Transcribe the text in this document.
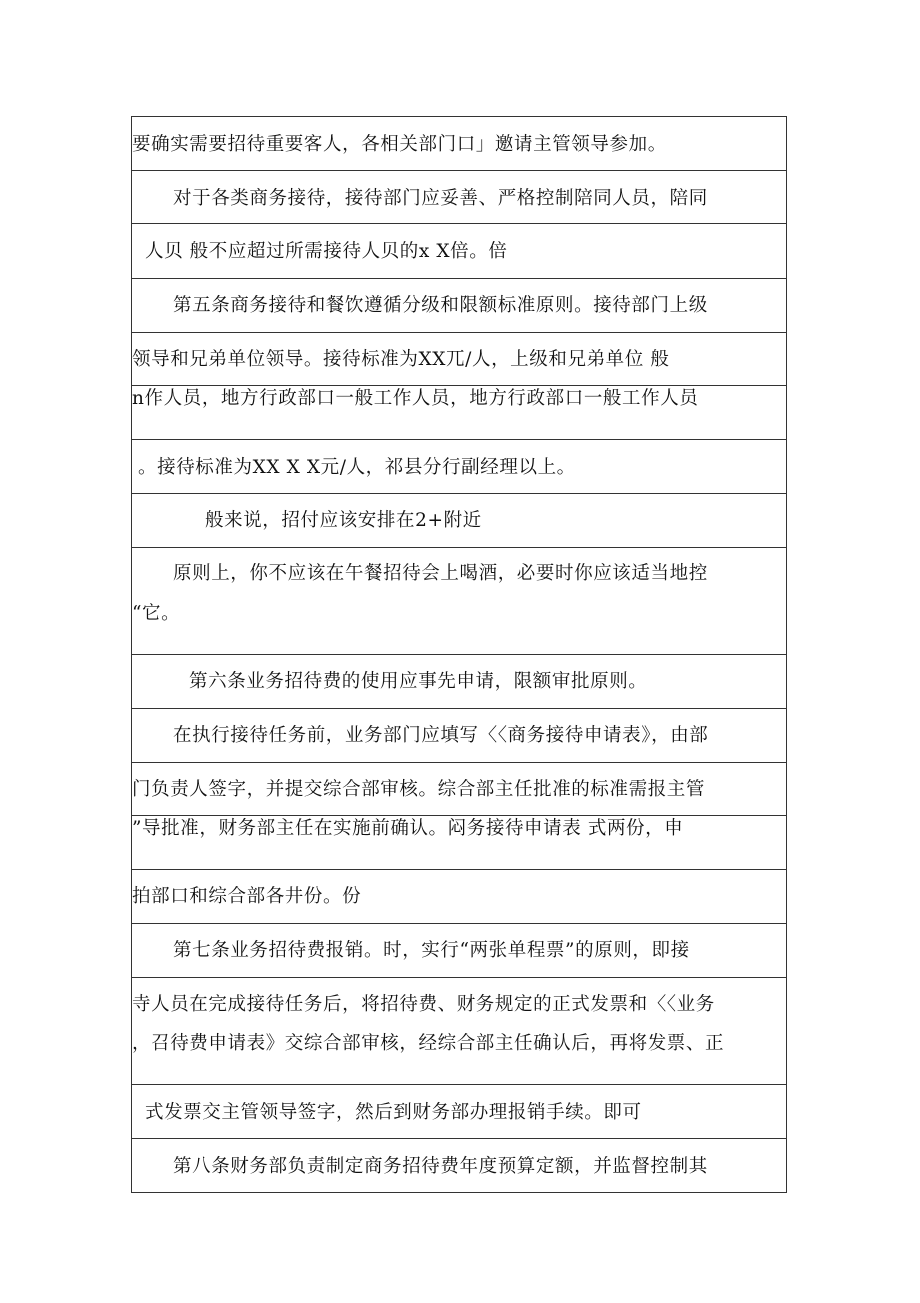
要确实需要招待重要客人，各相关部门口」邀请主管领导参加。
对于各类商务接待，接待部门应妥善、严格控制陪同人员，陪同
人贝 般不应超过所需接待人贝的x X倍。倍
第五条商务接待和餐饮遵循分级和限额标准原则。接待部门上级
领导和兄弟单位领导。接待标准为XX兀/人，上级和兄弟单位 般
n作人员，地方行政部口一般工作人员，地方行政部口一般工作人员
。接待标准为XX X X元/人，祁县分行副经理以上。
般来说，招付应该安排在2+附近
原则上，你不应该在午餐招待会上喝酒，必要时你应该适当地控
“它。
第六条业务招待费的使用应事先申请，限额审批原则。
在执行接待任务前，业务部门应填写〈〈商务接待申请表》，由部
门负责人签字，并提交综合部审核。综合部主任批准的标准需报主管
”导批准，财务部主任在实施前确认。闷务接待申请表 式两份，申
拍部口和综合部各井份。份
第七条业务招待费报销。时，实行“两张单程票”的原则，即接
寺人员在完成接待任务后，将招待费、财务规定的正式发票和〈〈业务
，召待费申请表》交综合部审核，经综合部主任确认后，再将发票、正
式发票交主管领导签字，然后到财务部办理报销手续。即可
第八条财务部负责制定商务招待费年度预算定额，并监督控制其
